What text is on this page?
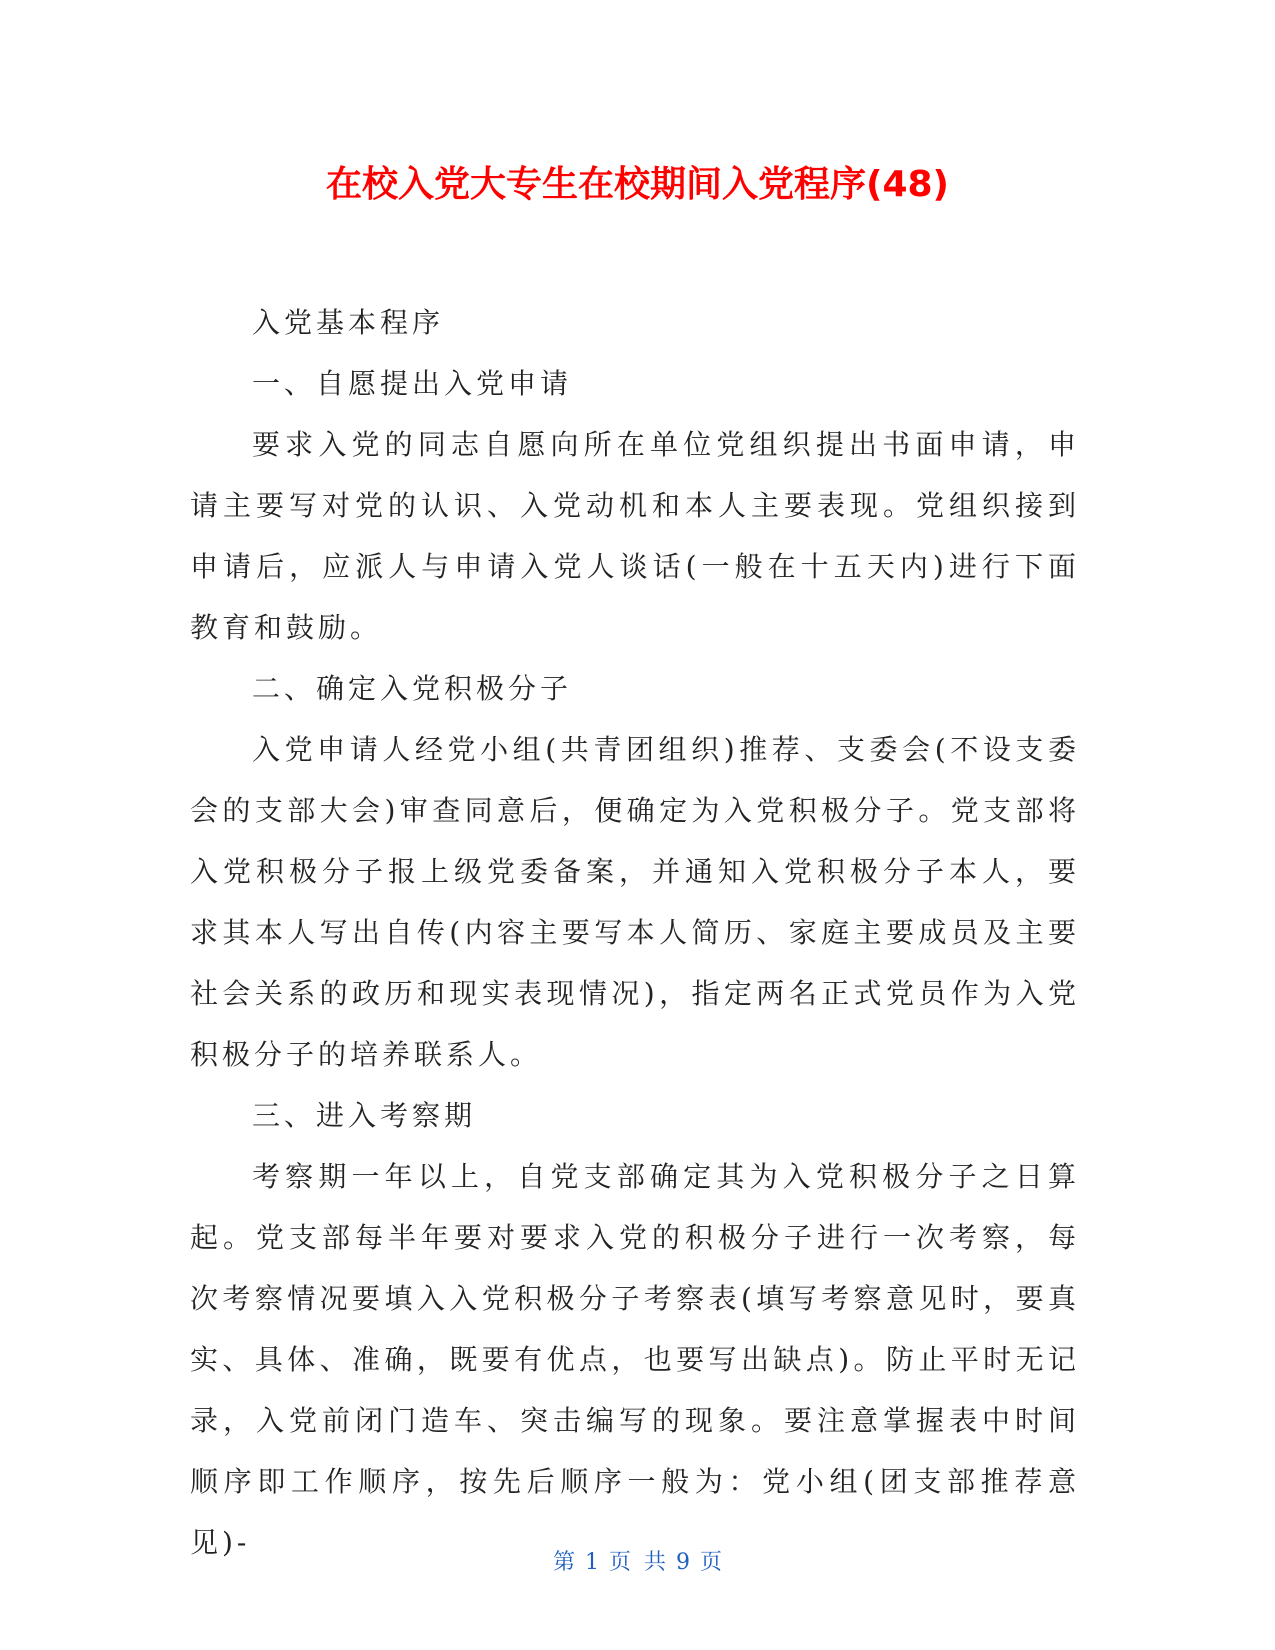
在校入党大专生在校期间入党程序(48)

入党基本程序

一、自愿提出入党申请

要求入党的同志自愿向所在单位党组织提出书面申请，申请主要写对党的认识、入党动机和本人主要表现。党组织接到申请后，应派人与申请入党人谈话(一般在十五天内)进行下面教育和鼓励。

二、确定入党积极分子

入党申请人经党小组(共青团组织)推荐、支委会(不设支委会的支部大会)审查同意后，便确定为入党积极分子。党支部将入党积极分子报上级党委备案，并通知入党积极分子本人，要求其本人写出自传(内容主要写本人简历、家庭主要成员及主要社会关系的政历和现实表现情况)，指定两名正式党员作为入党积极分子的培养联系人。

三、进入考察期

考察期一年以上，自党支部确定其为入党积极分子之日算起。党支部每半年要对要求入党的积极分子进行一次考察，每次考察情况要填入入党积极分子考察表(填写考察意见时，要真实、具体、准确，既要有优点，也要写出缺点)。防止平时无记录，入党前闭门造车、突击编写的现象。要注意掌握表中时间顺序即工作顺序，按先后顺序一般为：党小组(团支部推荐意见)-

第 1 页 共 9 页
